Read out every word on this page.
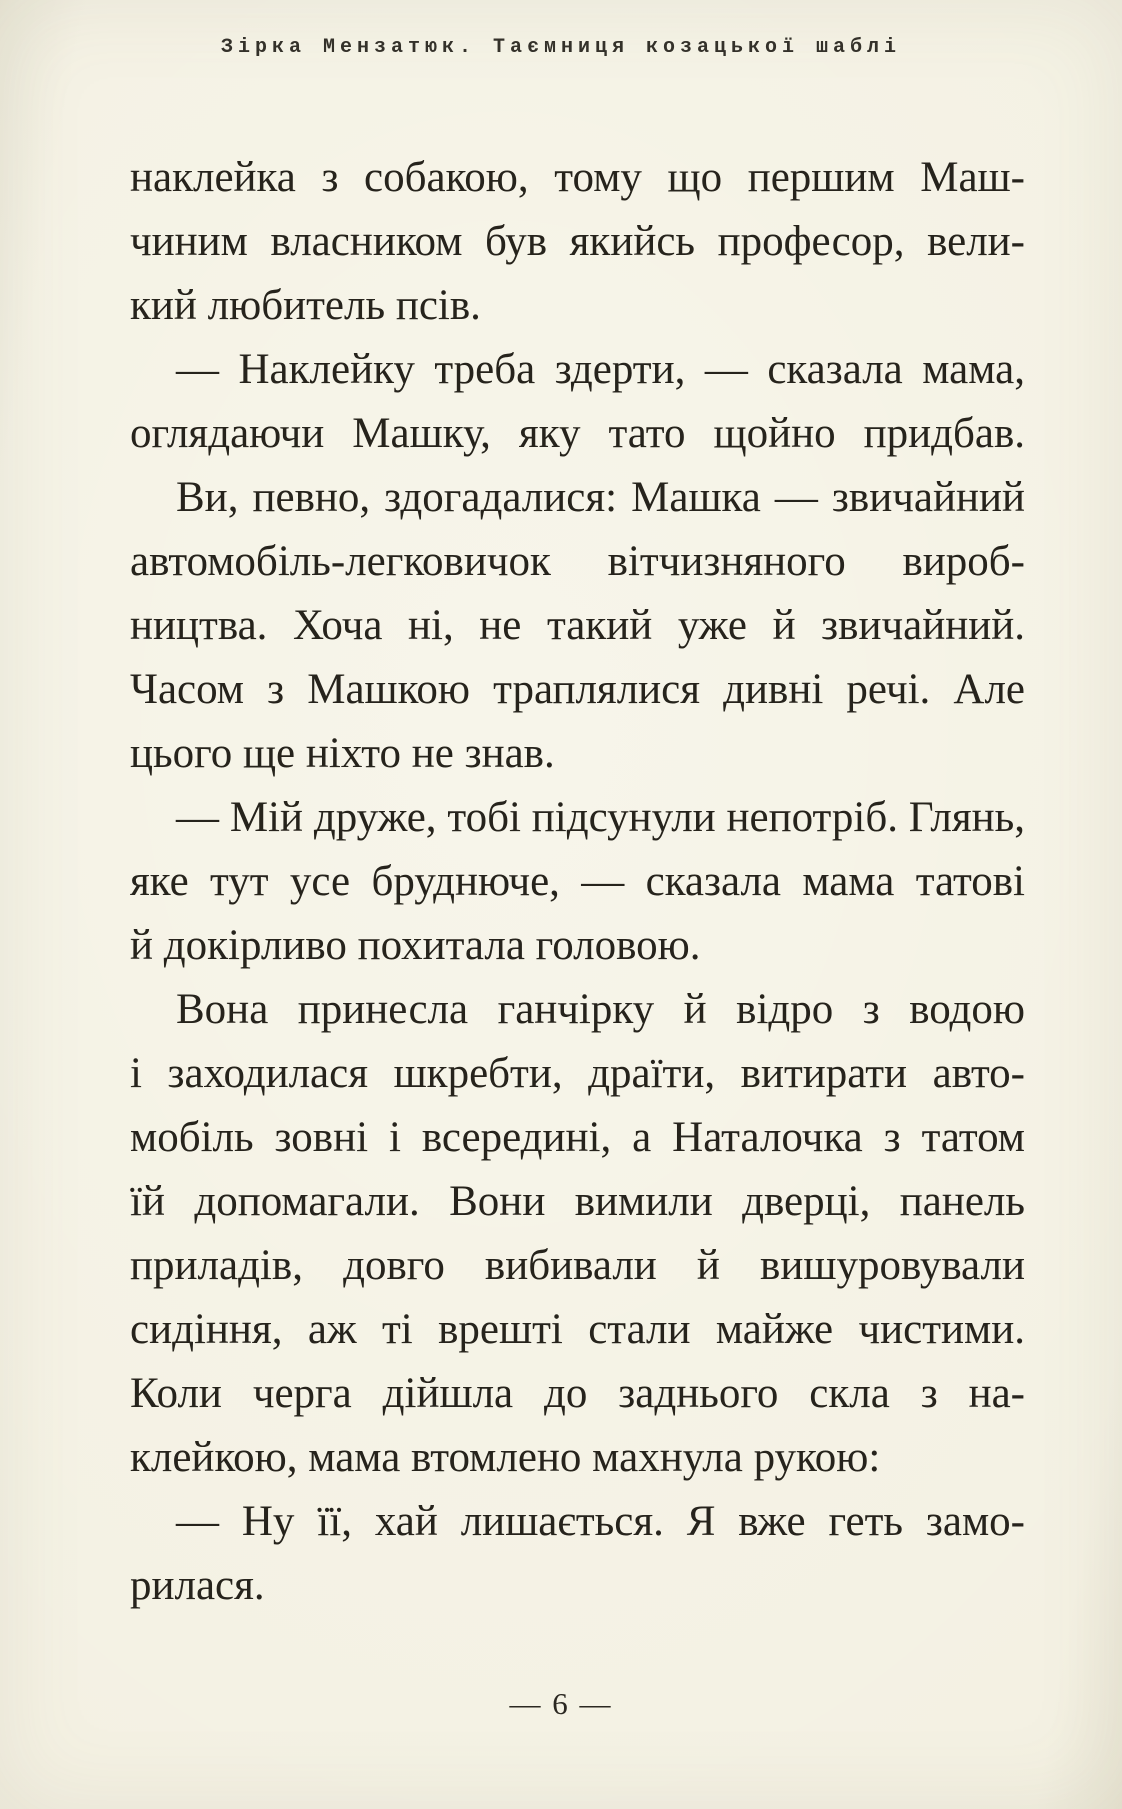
Зірка Мензатюк. Таємниця козацької шаблі
наклейка з собакою, тому що першим Маш-
чиним власником був якийсь професор, вели-
кий любитель псів.
— Наклейку треба здерти, — сказала мама,
оглядаючи Машку, яку тато щойно придбав.
Ви, певно, здогадалися: Машка — звичайний
автомобіль-легковичок вітчизняного вироб-
ництва. Хоча ні, не такий уже й звичайний.
Часом з Машкою траплялися дивні речі. Але
цього ще ніхто не знав.
— Мій друже, тобі підсунули непотріб. Глянь,
яке тут усе бруднюче, — сказала мама татові
й докірливо похитала головою.
Вона принесла ганчірку й відро з водою
і заходилася шкребти, драїти, витирати авто-
мобіль зовні і всередині, а Наталочка з татом
їй допомагали. Вони вимили дверці, панель
приладів, довго вибивали й вишуровували
сидіння, аж ті врешті стали майже чистими.
Коли черга дійшла до заднього скла з на-
клейкою, мама втомлено махнула рукою:
— Ну її, хай лишається. Я вже геть замо-
рилася.
— 6 —
